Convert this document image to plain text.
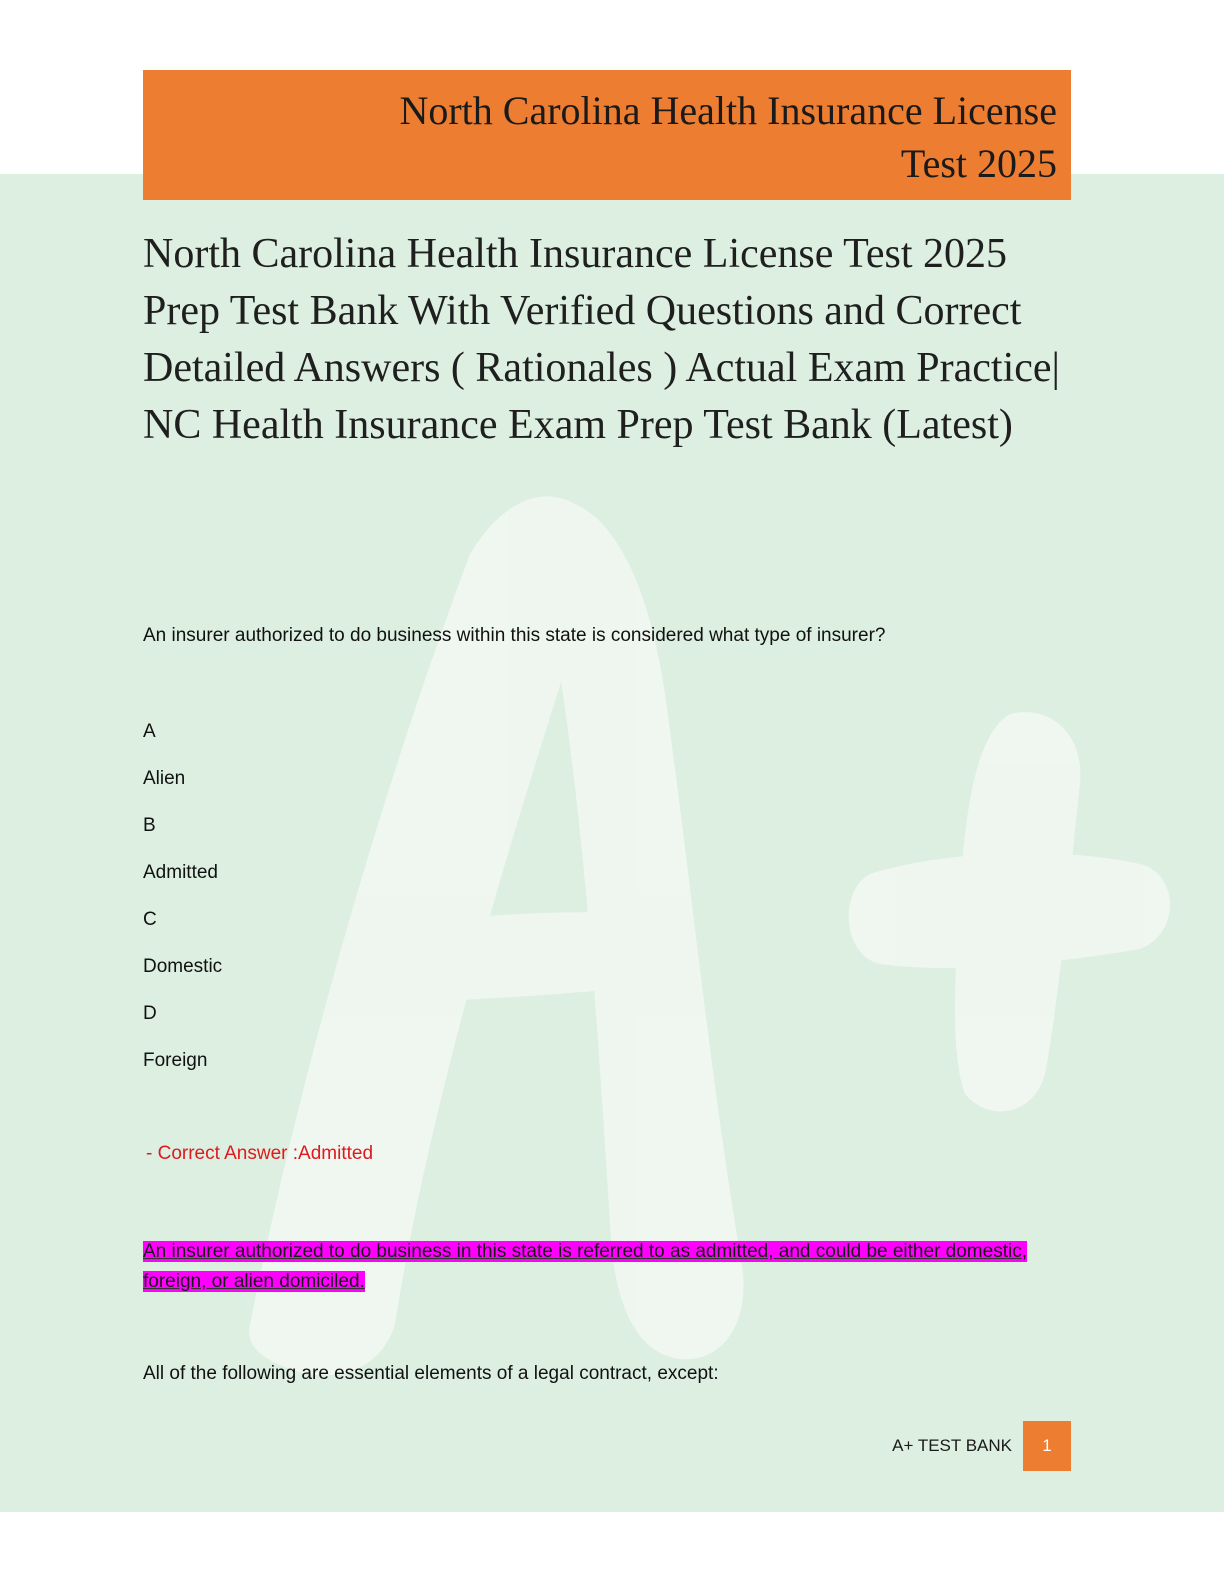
North Carolina Health Insurance License

Test 2025

North Carolina Health Insurance License Test 2025 Prep Test Bank With Verified Questions and Correct Detailed Answers ( Rationales ) Actual Exam Practice| NC Health Insurance Exam Prep Test Bank (Latest)

An insurer authorized to do business within this state is considered what type of insurer?

A

Alien

B

Admitted

C

Domestic

D

Foreign

- Correct Answer :Admitted

An insurer authorized to do business in this state is referred to as admitted, and could be either domestic, foreign, or alien domiciled.

All of the following are essential elements of a legal contract, except:

A+ TEST BANK	1
